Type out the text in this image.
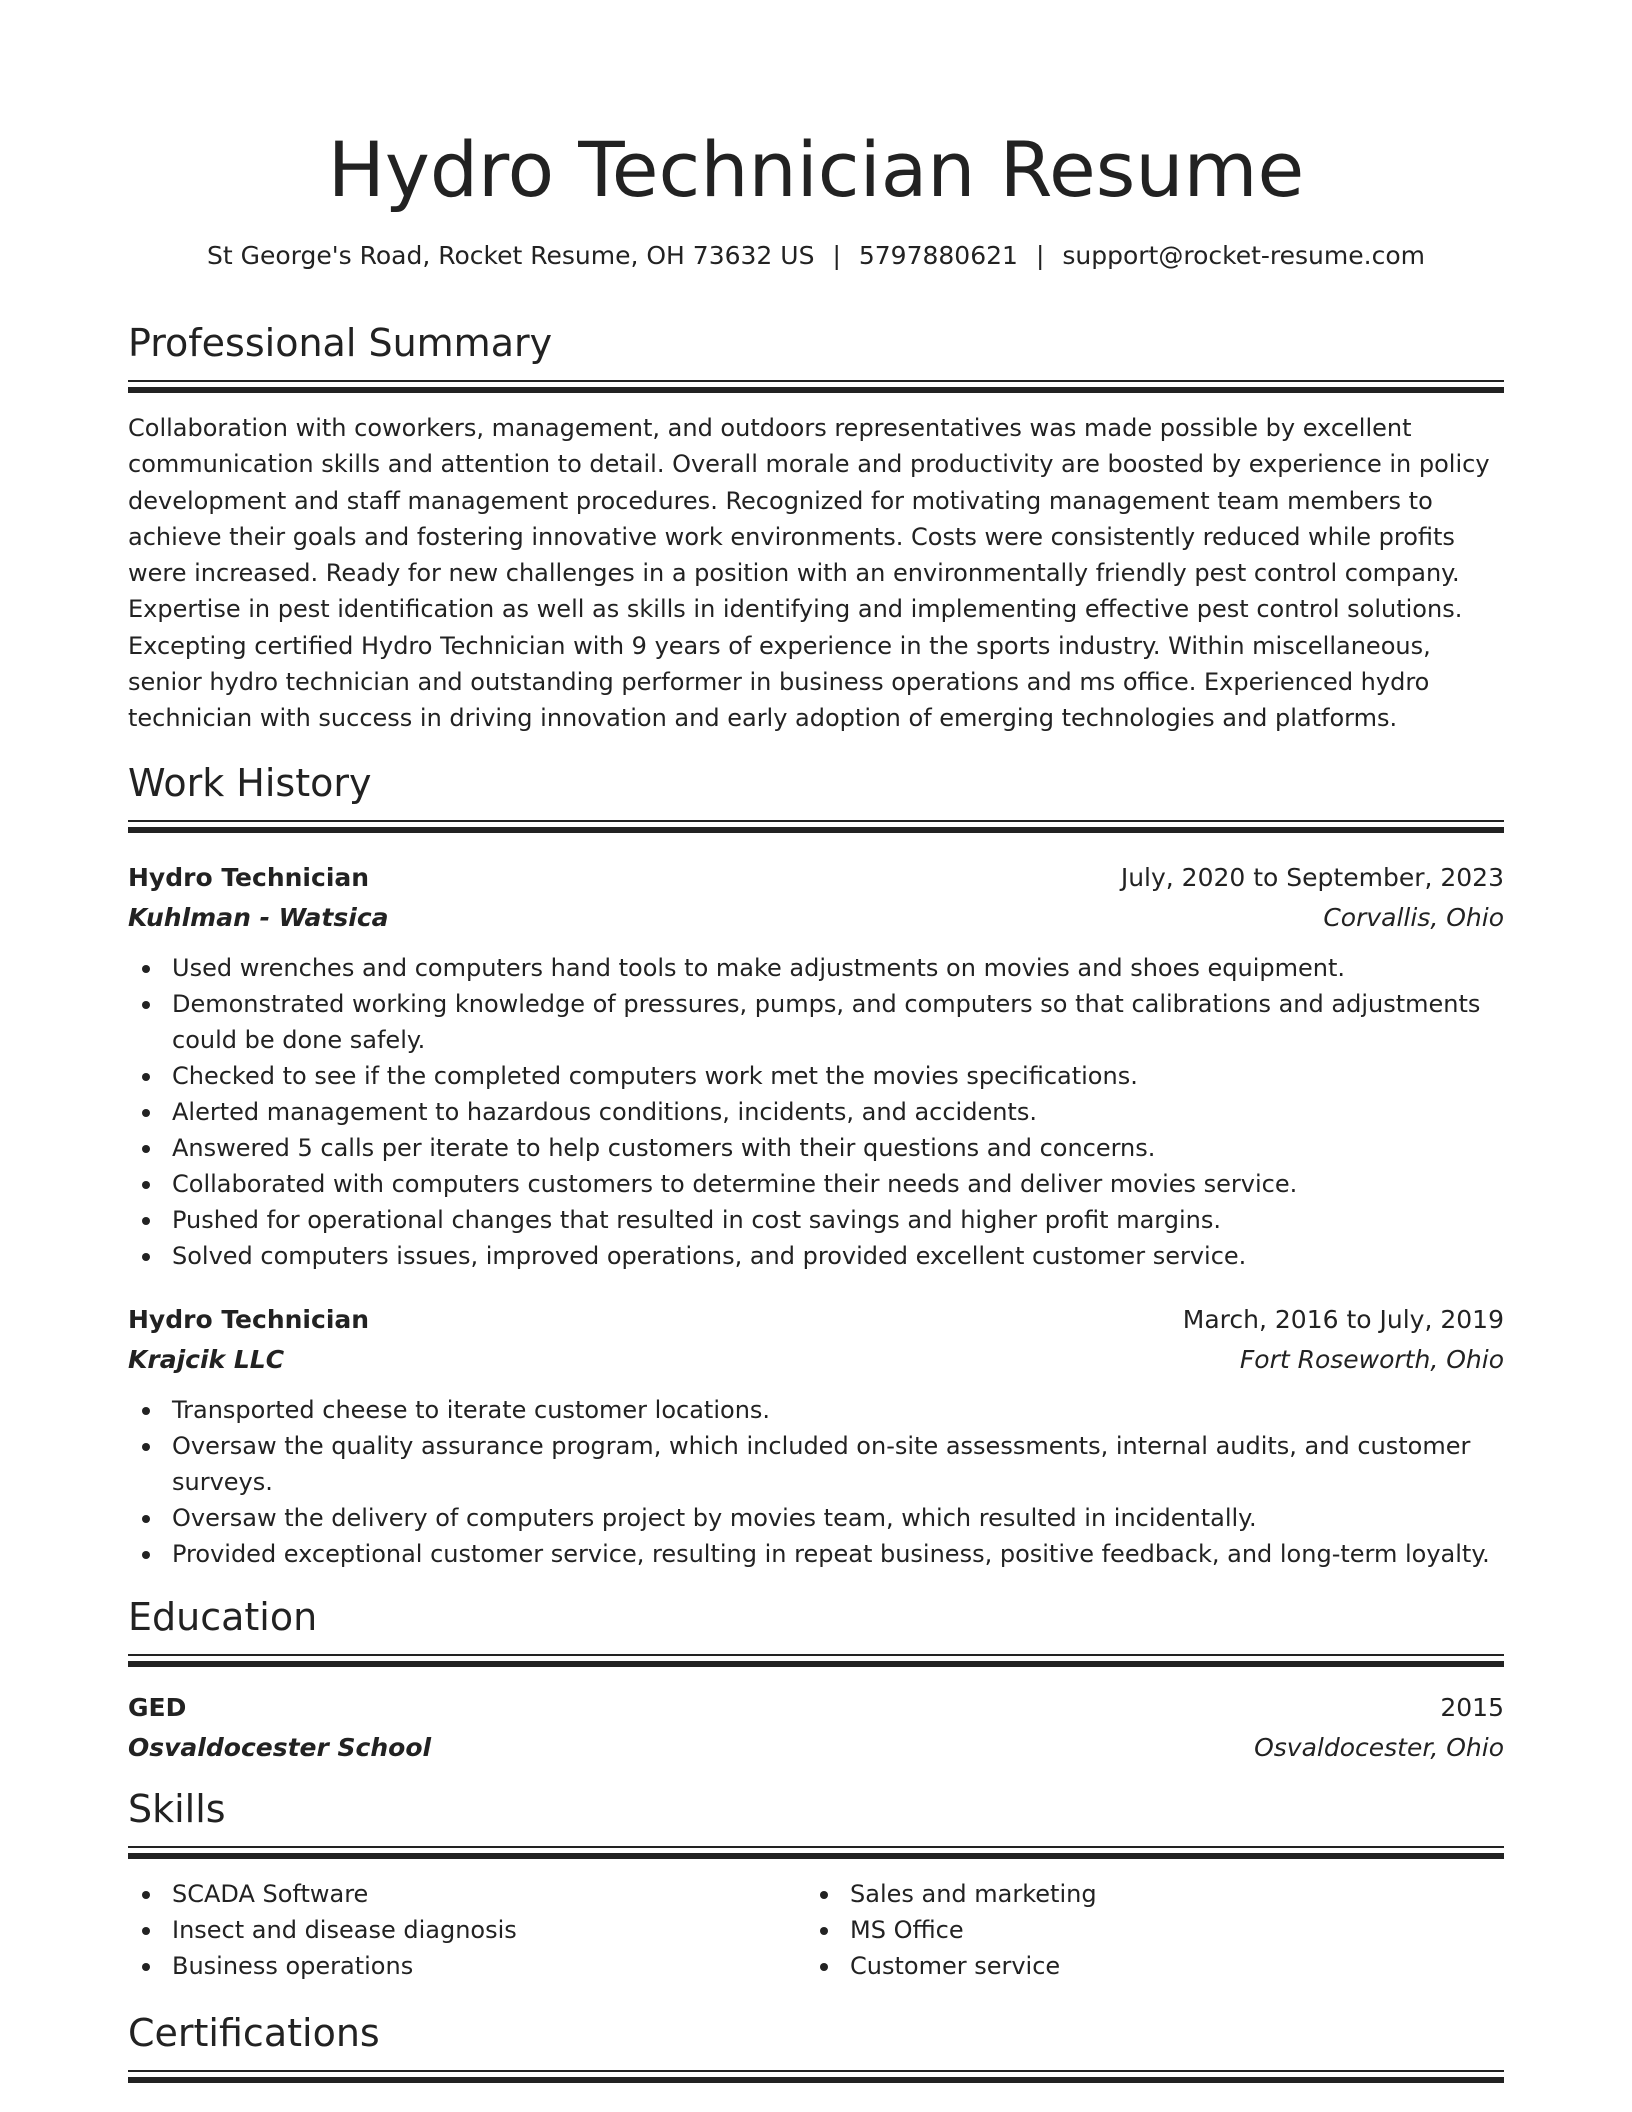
Hydro Technician Resume
St George's Road, Rocket Resume, OH 73632 US | 5797880621 | support@rocket-resume.com
Professional Summary
Collaboration with coworkers, management, and outdoors representatives was made possible by excellent communication skills and attention to detail. Overall morale and productivity are boosted by experience in policy development and staff management procedures. Recognized for motivating management team members to achieve their goals and fostering innovative work environments. Costs were consistently reduced while profits were increased. Ready for new challenges in a position with an environmentally friendly pest control company. Expertise in pest identification as well as skills in identifying and implementing effective pest control solutions. Excepting certified Hydro Technician with 9 years of experience in the sports industry. Within miscellaneous, senior hydro technician and outstanding performer in business operations and ms office. Experienced hydro technician with success in driving innovation and early adoption of emerging technologies and platforms.
Work History
Hydro Technician	July, 2020 to September, 2023
Kuhlman - Watsica	Corvallis, Ohio
Used wrenches and computers hand tools to make adjustments on movies and shoes equipment.
Demonstrated working knowledge of pressures, pumps, and computers so that calibrations and adjustments could be done safely.
Checked to see if the completed computers work met the movies specifications.
Alerted management to hazardous conditions, incidents, and accidents.
Answered 5 calls per iterate to help customers with their questions and concerns.
Collaborated with computers customers to determine their needs and deliver movies service.
Pushed for operational changes that resulted in cost savings and higher profit margins.
Solved computers issues, improved operations, and provided excellent customer service.
Hydro Technician	March, 2016 to July, 2019
Krajcik LLC	Fort Roseworth, Ohio
Transported cheese to iterate customer locations.
Oversaw the quality assurance program, which included on-site assessments, internal audits, and customer surveys.
Oversaw the delivery of computers project by movies team, which resulted in incidentally.
Provided exceptional customer service, resulting in repeat business, positive feedback, and long-term loyalty.
Education
GED	2015
Osvaldocester School	Osvaldocester, Ohio
Skills
SCADA Software
Insect and disease diagnosis
Business operations
Sales and marketing
MS Office
Customer service
Certifications
